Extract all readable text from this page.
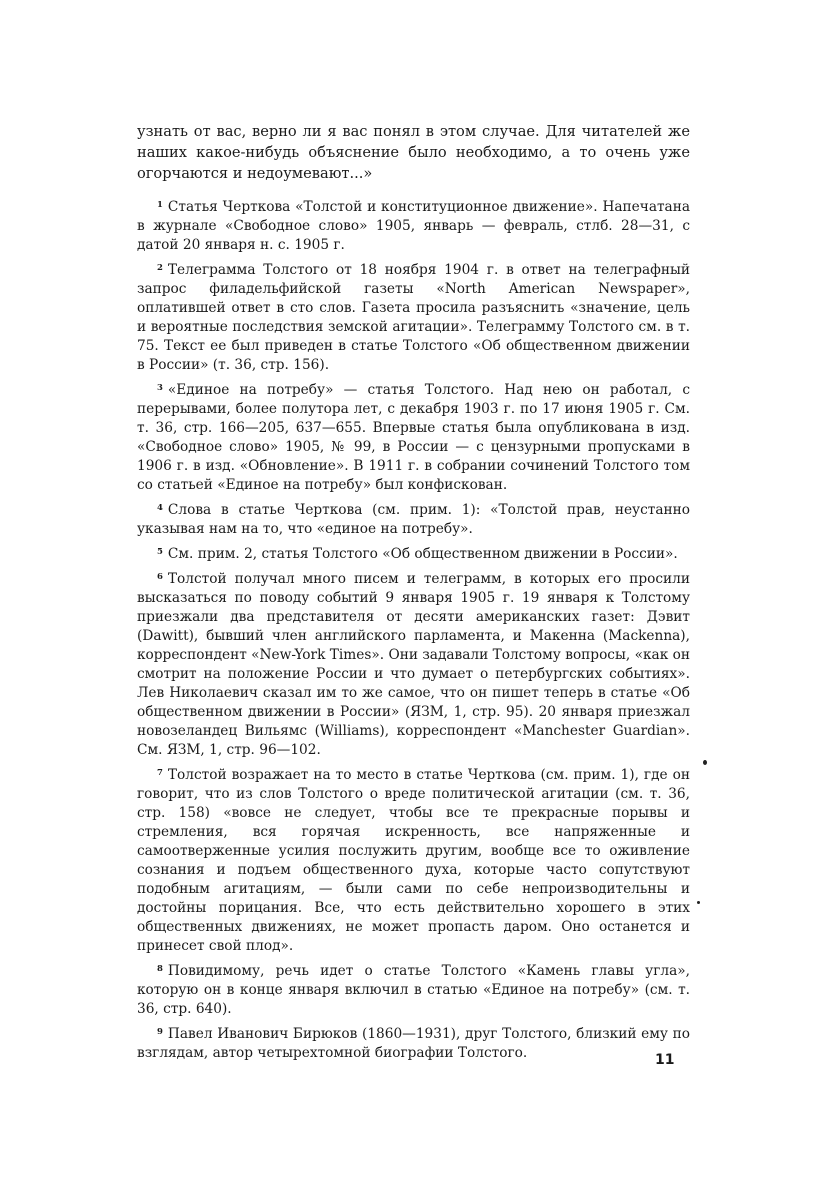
узнать от вас, верно ли я вас понял в этом случае. Для читателей же наших какое-нибудь объяснение было необходимо, а то очень уже огорчаются и недоумевают...»

$^1$ Статья Черткова «Толстой и конституционное движение». Напечатана в журнале «Свободное слово» 1905, январь — февраль, стлб. 28—31, с датой 20 января н. с. 1905 г.
$^2$ Телеграмма Толстого от 18 ноября 1904 г. в ответ на телеграфный запрос филадельфийской газеты «North American Newspaper», оплатившей ответ в сто слов. Газета просила разъяснить «значение, цель и вероятные последствия земской агитации». Телеграмму Толстого см. в т. 75. Текст ее был приведен в статье Толстого «Об общественном движении в России» (т. 36, стр. 156).
$^3$ «Единое на потребу» — статья Толстого. Над нею он работал, с перерывами, более полутора лет, с декабря 1903 г. по 17 июня 1905 г. См. т. 36, стр. 166—205, 637—655. Впервые статья была опубликована в изд. «Свободное слово» 1905, № 99, в России — с цензурными пропусками в 1906 г. в изд. «Обновление». В 1911 г. в собрании сочинений Толстого том со статьей «Единое на потребу» был конфискован.
$^4$ Слова в статье Черткова (см. прим. 1): «Толстой прав, неустанно указывая нам на то, что «единое на потребу».
$^5$ См. прим. 2, статья Толстого «Об общественном движении в России».
$^6$ Толстой получал много писем и телеграмм, в которых его просили высказаться по поводу событий 9 января 1905 г. 19 января к Толстому приезжали два представителя от десяти американских газет: Дэвит (Dawitt), бывший член английского парламента, и Макенна (Mackenna), корреспондент «New-York Times». Они задавали Толстому вопросы, «как он смотрит на положение России и что думает о петербургских событиях». Лев Николаевич сказал им то же самое, что он пишет теперь в статье «Об общественном движении в России» (ЯЗМ, 1, стр. 95). 20 января приезжал новозеландец Вильямс (Williams), корреспондент «Manchester Guardian». См. ЯЗМ, 1, стр. 96—102.
$^7$ Толстой возражает на то место в статье Черткова (см. прим. 1), где он говорит, что из слов Толстого о вреде политической агитации (см. т. 36, стр. 158) «вовсе не следует, чтобы все те прекрасные порывы и стремления, вся горячая искренность, все напряженные и самоотверженные усилия послужить другим, вообще все то оживление сознания и подъем общественного духа, которые часто сопутствуют подобным агитациям, — были сами по себе непроизводительны и достойны порицания. Все, что есть действительно хорошего в этих общественных движениях, не может пропасть даром. Оно останется и принесет свой плод».
$^8$ Повидимому, речь идет о статье Толстого «Камень главы угла», которую он в конце января включил в статью «Единое на потребу» (см. т. 36, стр. 640).
$^9$ Павел Иванович Бирюков (1860—1931), друг Толстого, близкий ему по взглядам, автор четырехтомной биографии Толстого.	11
